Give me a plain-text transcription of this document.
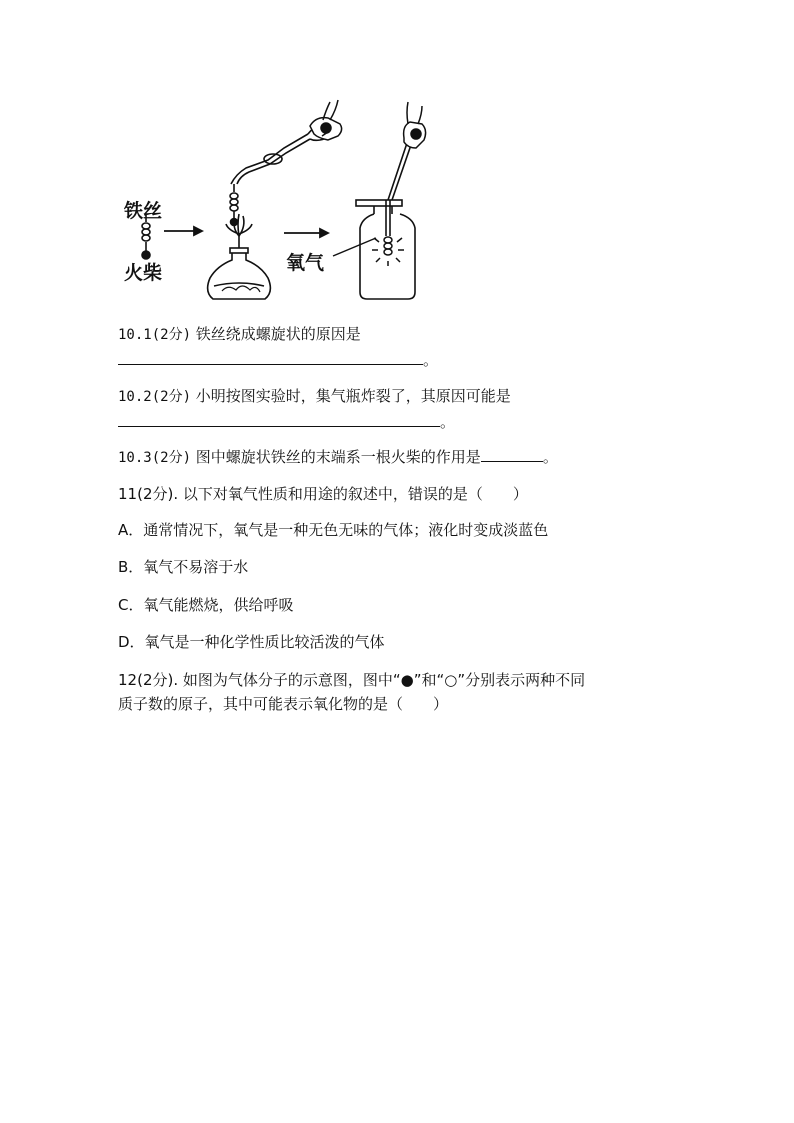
铁丝
火柴	氧气
10.1(2分) 铁丝绕成螺旋状的原因是
。
10.2(2分) 小明按图实验时，集气瓶炸裂了，其原因可能是
。
10.3(2分) 图中螺旋状铁丝的末端系一根火柴的作用是	。
11(2分). 以下对氧气性质和用途的叙述中，错误的是（　　）
A．通常情况下，氧气是一种无色无味的气体；液化时变成淡蓝色
B．氧气不易溶于水
C．氧气能燃烧，供给呼吸
D．氧气是一种化学性质比较活泼的气体
12(2分). 如图为气体分子的示意图，图中“●”和“○”分别表示两种不同
质子数的原子，其中可能表示氧化物的是（　　）
